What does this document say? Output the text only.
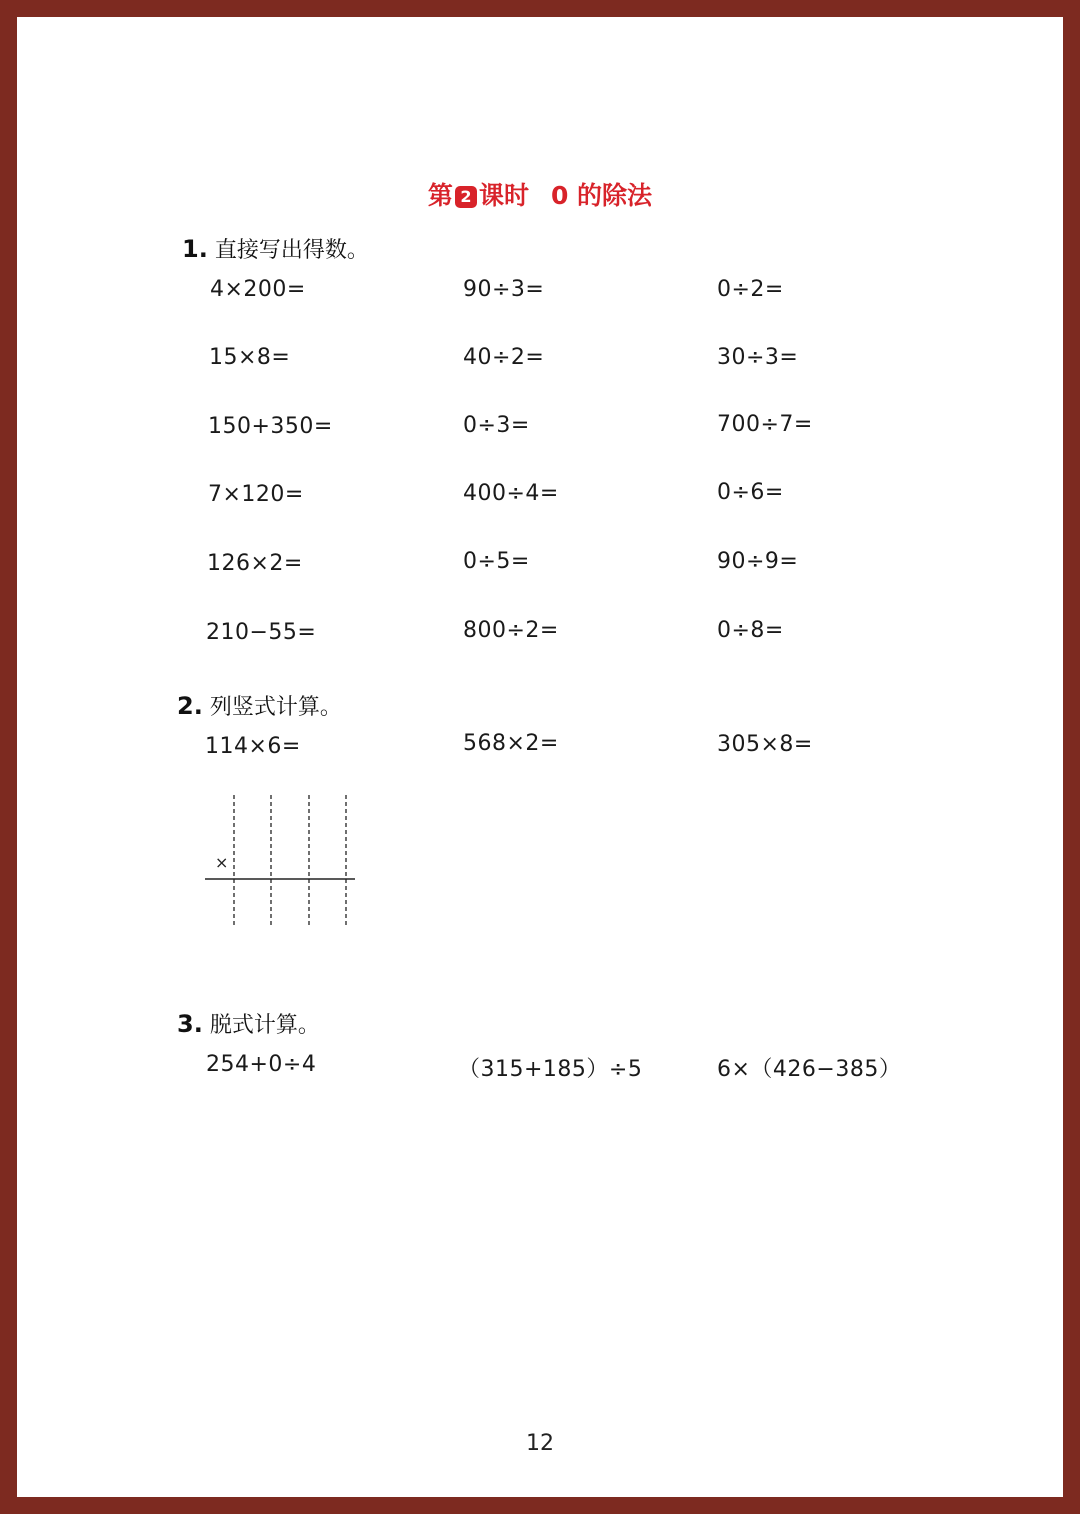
第 2 课时 0 的除法
1. 直接写出得数。
4×200=	90÷3=	0÷2=
15×8=	40÷2=	30÷3=
150+350=	0÷3=	700÷7=
7×120=	400÷4=	0÷6=
126×2=	0÷5=	90÷9=
210−55=	800÷2=	0÷8=
2. 列竖式计算。
114×6=	568×2=	305×8=
×
3. 脱式计算。
254+0÷4	（315+185）÷5	6×（426−385）
12
